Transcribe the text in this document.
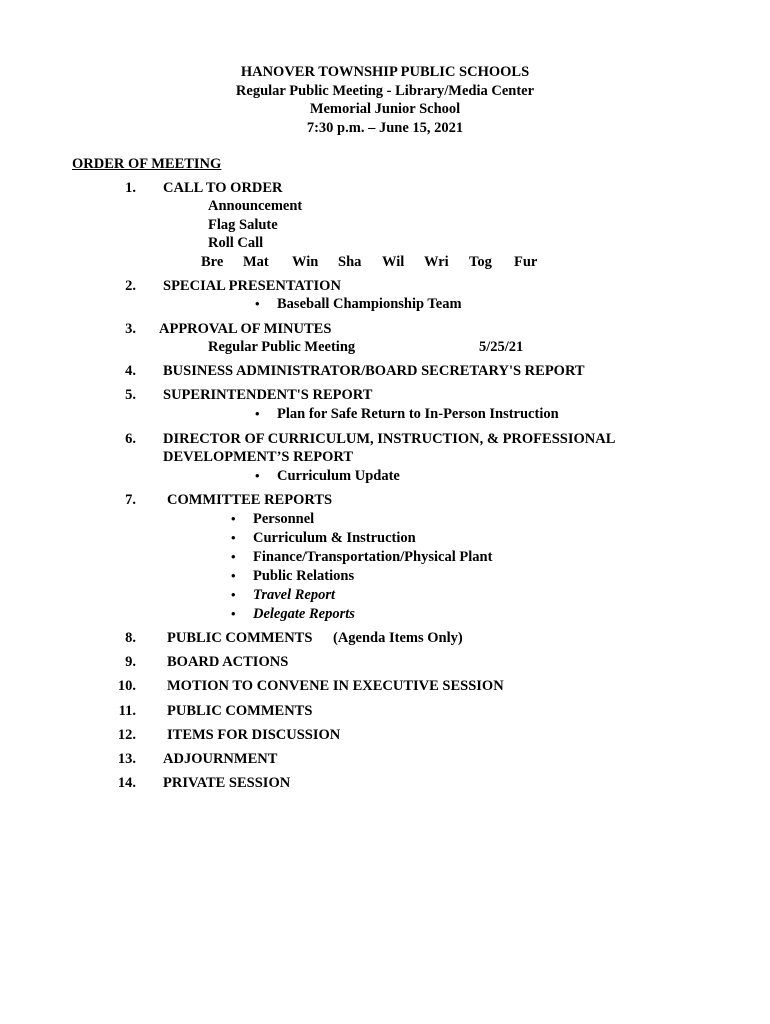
HANOVER TOWNSHIP PUBLIC SCHOOLS
Regular Public Meeting - Library/Media Center
Memorial Junior School
7:30 p.m. – June 15, 2021
ORDER OF MEETING
1. CALL TO ORDER
Announcement
Flag Salute
Roll Call
Bre Mat Win Sha Wil Wri Tog Fur
2. SPECIAL PRESENTATION
• Baseball Championship Team
3. APPROVAL OF MINUTES
Regular Public Meeting	5/25/21
4. BUSINESS ADMINISTRATOR/BOARD SECRETARY'S REPORT
5. SUPERINTENDENT'S REPORT
• Plan for Safe Return to In-Person Instruction
6. DIRECTOR OF CURRICULUM, INSTRUCTION, & PROFESSIONAL
DEVELOPMENT’S REPORT
• Curriculum Update
7. COMMITTEE REPORTS
• Personnel
• Curriculum & Instruction
• Finance/Transportation/Physical Plant
• Public Relations
• Travel Report
• Delegate Reports
8. PUBLIC COMMENTS (Agenda Items Only)
9. BOARD ACTIONS
10. MOTION TO CONVENE IN EXECUTIVE SESSION
11. PUBLIC COMMENTS
12. ITEMS FOR DISCUSSION
13. ADJOURNMENT
14. PRIVATE SESSION
